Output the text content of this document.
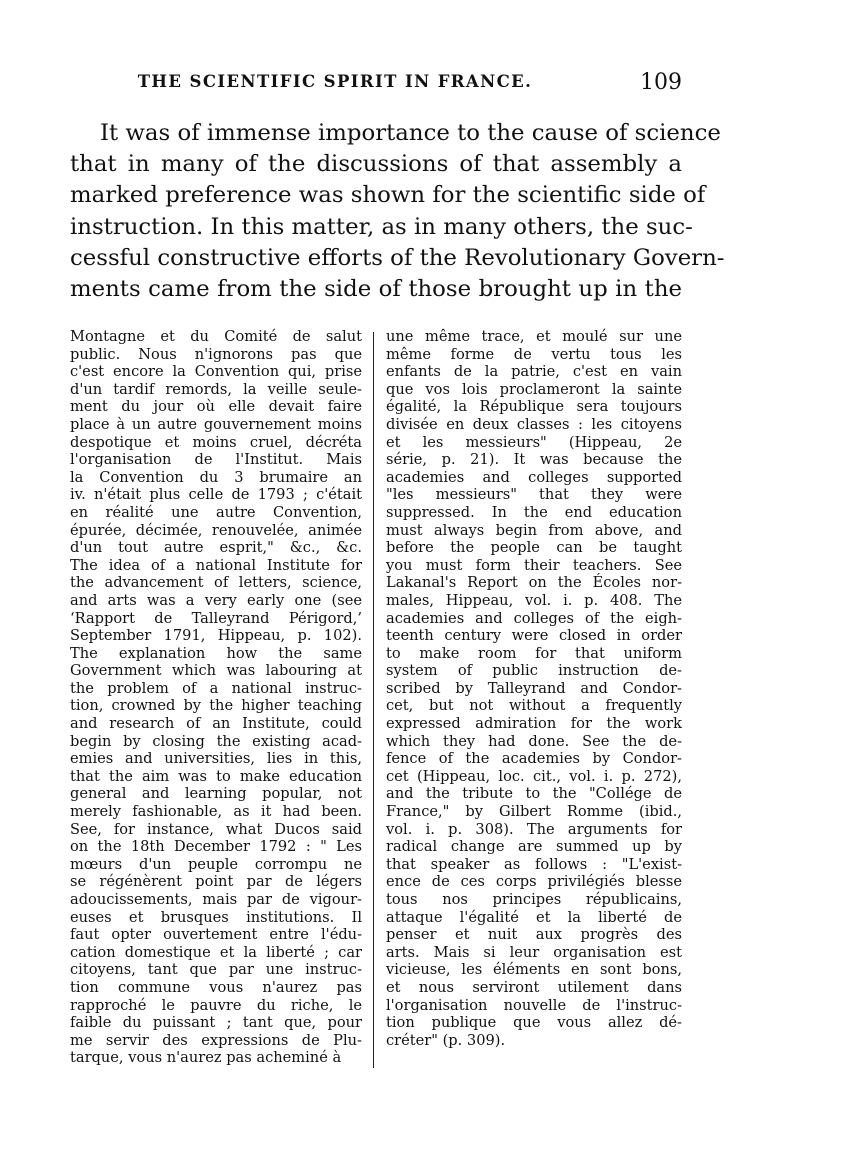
THE SCIENTIFIC SPIRIT IN FRANCE.	109
It was of immense importance to the cause of science
that in many of the discussions of that assembly a
marked preference was shown for the scientific side of
instruction. In this matter, as in many others, the suc-
cessful constructive efforts of the Revolutionary Govern-
ments came from the side of those brought up in the
Montagne et du Comité de salut
public. Nous n'ignorons pas que
c'est encore la Convention qui, prise
d'un tardif remords, la veille seule-
ment du jour où elle devait faire
place à un autre gouvernement moins
despotique et moins cruel, décréta
l'organisation de l'Institut. Mais
la Convention du 3 brumaire an
iv. n'était plus celle de 1793 ; c'était
en réalité une autre Convention,
épurée, décimée, renouvelée, animée
d'un tout autre esprit," &c., &c.
The idea of a national Institute for
the advancement of letters, science,
and arts was a very early one (see
‘Rapport de Talleyrand Périgord,’
September 1791, Hippeau, p. 102).
The explanation how the same
Government which was labouring at
the problem of a national instruc-
tion, crowned by the higher teaching
and research of an Institute, could
begin by closing the existing acad-
emies and universities, lies in this,
that the aim was to make education
general and learning popular, not
merely fashionable, as it had been.
See, for instance, what Ducos said
on the 18th December 1792 : " Les
mœurs d'un peuple corrompu ne
se régénèrent point par de légers
adoucissements, mais par de vigour-
euses et brusques institutions. Il
faut opter ouvertement entre l'édu-
cation domestique et la liberté ; car
citoyens, tant que par une instruc-
tion commune vous n'aurez pas
rapproché le pauvre du riche, le
faible du puissant ; tant que, pour
me servir des expressions de Plu-
tarque, vous n'aurez pas acheminé à
une même trace, et moulé sur une
même forme de vertu tous les
enfants de la patrie, c'est en vain
que vos lois proclameront la sainte
égalité, la République sera toujours
divisée en deux classes : les citoyens
et les messieurs" (Hippeau, 2e
série, p. 21). It was because the
academies and colleges supported
"les messieurs" that they were
suppressed. In the end education
must always begin from above, and
before the people can be taught
you must form their teachers. See
Lakanal's Report on the Écoles nor-
males, Hippeau, vol. i. p. 408. The
academies and colleges of the eigh-
teenth century were closed in order
to make room for that uniform
system of public instruction de-
scribed by Talleyrand and Condor-
cet, but not without a frequently
expressed admiration for the work
which they had done. See the de-
fence of the academies by Condor-
cet (Hippeau, loc. cit., vol. i. p. 272),
and the tribute to the "Collége de
France," by Gilbert Romme (ibid.,
vol. i. p. 308). The arguments for
radical change are summed up by
that speaker as follows : "L'exist-
ence de ces corps privilégiés blesse
tous nos principes républicains,
attaque l'égalité et la liberté de
penser et nuit aux progrès des
arts. Mais si leur organisation est
vicieuse, les éléments en sont bons,
et nous serviront utilement dans
l'organisation nouvelle de l'instruc-
tion publique que vous allez dé-
créter" (p. 309).
